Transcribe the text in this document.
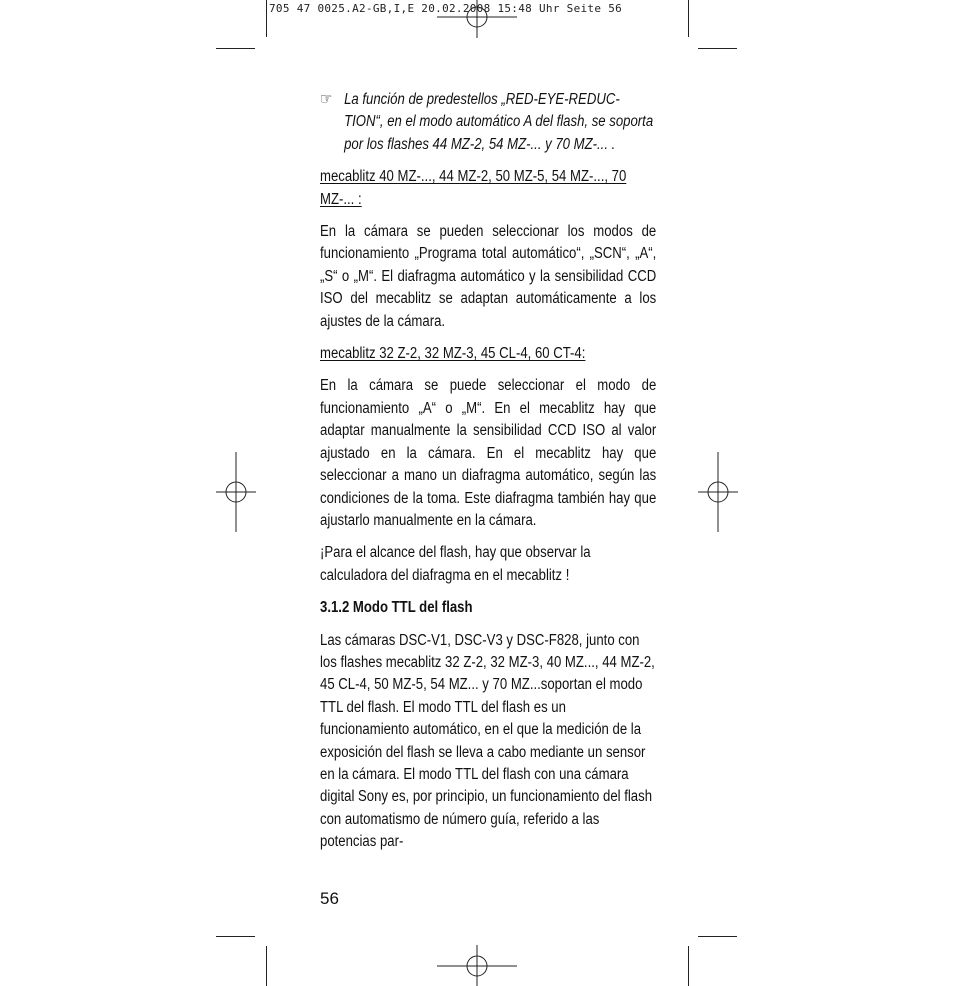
705 47 0025.A2-GB,I,E 20.02.2008 15:48 Uhr Seite 56
☞ La función de predestellos „RED-EYE-REDUC-TION“, en el modo automático A del flash, se soporta por los flashes 44 MZ-2, 54 MZ-... y 70 MZ-... .

mecablitz 40 MZ-..., 44 MZ-2, 50 MZ-5, 54 MZ-..., 70 MZ-... :

En la cámara se pueden seleccionar los modos de funcionamiento „Programa total automático“, „SCN“, „A“, „S“ o „M“. El diafragma automático y la sensibilidad CCD ISO del mecablitz se adaptan automáticamente a los ajustes de la cámara.

mecablitz 32 Z-2, 32 MZ-3, 45 CL-4, 60 CT-4:

En la cámara se puede seleccionar el modo de funcionamiento „A“ o „M“. En el mecablitz hay que adaptar manualmente la sensibilidad CCD ISO al valor ajustado en la cámara. En el mecablitz hay que seleccionar a mano un diafragma automático, según las condiciones de la toma. Este diafragma también hay que ajustarlo manualmente en la cámara.

¡Para el alcance del flash, hay que observar la calculadora del diafragma en el mecablitz !

3.1.2 Modo TTL del flash

Las cámaras DSC-V1, DSC-V3 y DSC-F828, junto con los flashes mecablitz 32 Z-2, 32 MZ-3, 40 MZ..., 44 MZ-2, 45 CL-4, 50 MZ-5, 54 MZ... y 70 MZ...soportan el modo TTL del flash. El modo TTL del flash es un funcionamiento automático, en el que la medición de la exposición del flash se lleva a cabo mediante un sensor en la cámara. El modo TTL del flash con una cámara digital Sony es, por principio, un funcionamiento del flash con automatismo de número guía, referido a las potencias par-

56
